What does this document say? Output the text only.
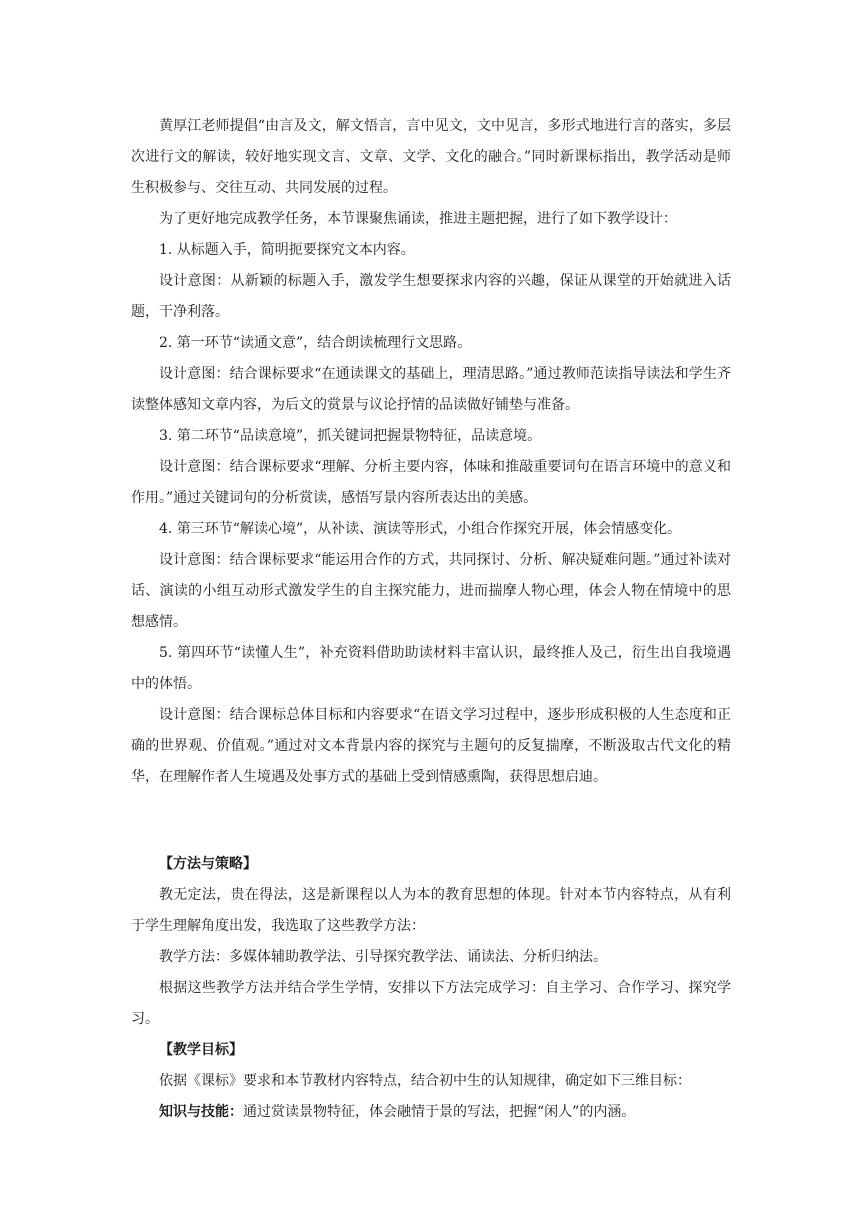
黄厚江老师提倡“由言及文，解文悟言，言中见文，文中见言，多形式地进行言的落实，多层次进行文的解读，较好地实现文言、文章、文学、文化的融合。”同时新课标指出，教学活动是师生积极参与、交往互动、共同发展的过程。

为了更好地完成教学任务，本节课聚焦诵读，推进主题把握，进行了如下教学设计：

1. 从标题入手，简明扼要探究文本内容。

设计意图：从新颖的标题入手，激发学生想要探求内容的兴趣，保证从课堂的开始就进入话题，干净利落。

2. 第一环节“读通文意”，结合朗读梳理行文思路。

设计意图：结合课标要求“在通读课文的基础上，理清思路。”通过教师范读指导读法和学生齐读整体感知文章内容，为后文的赏景与议论抒情的品读做好铺垫与准备。

3. 第二环节“品读意境”，抓关键词把握景物特征，品读意境。

设计意图：结合课标要求“理解、分析主要内容，体味和推敲重要词句在语言环境中的意义和作用。”通过关键词句的分析赏读，感悟写景内容所表达出的美感。

4. 第三环节“解读心境”，从补读、演读等形式，小组合作探究开展，体会情感变化。

设计意图：结合课标要求“能运用合作的方式，共同探讨、分析、解决疑难问题。”通过补读对话、演读的小组互动形式激发学生的自主探究能力，进而揣摩人物心理，体会人物在情境中的思想感情。

5. 第四环节“读懂人生”，补充资料借助助读材料丰富认识，最终推人及己，衍生出自我境遇中的体悟。

设计意图：结合课标总体目标和内容要求“在语文学习过程中，逐步形成积极的人生态度和正确的世界观、价值观。”通过对文本背景内容的探究与主题句的反复揣摩，不断汲取古代文化的精华，在理解作者人生境遇及处事方式的基础上受到情感熏陶，获得思想启迪。

【方法与策略】

教无定法，贵在得法，这是新课程以人为本的教育思想的体现。针对本节内容特点，从有利于学生理解角度出发，我选取了这些教学方法：

教学方法：多媒体辅助教学法、引导探究教学法、诵读法、分析归纳法。

根据这些教学方法并结合学生学情，安排以下方法完成学习：自主学习、合作学习、探究学习。

【教学目标】

依据《课标》要求和本节教材内容特点，结合初中生的认知规律，确定如下三维目标：

知识与技能：通过赏读景物特征，体会融情于景的写法，把握“闲人”的内涵。
